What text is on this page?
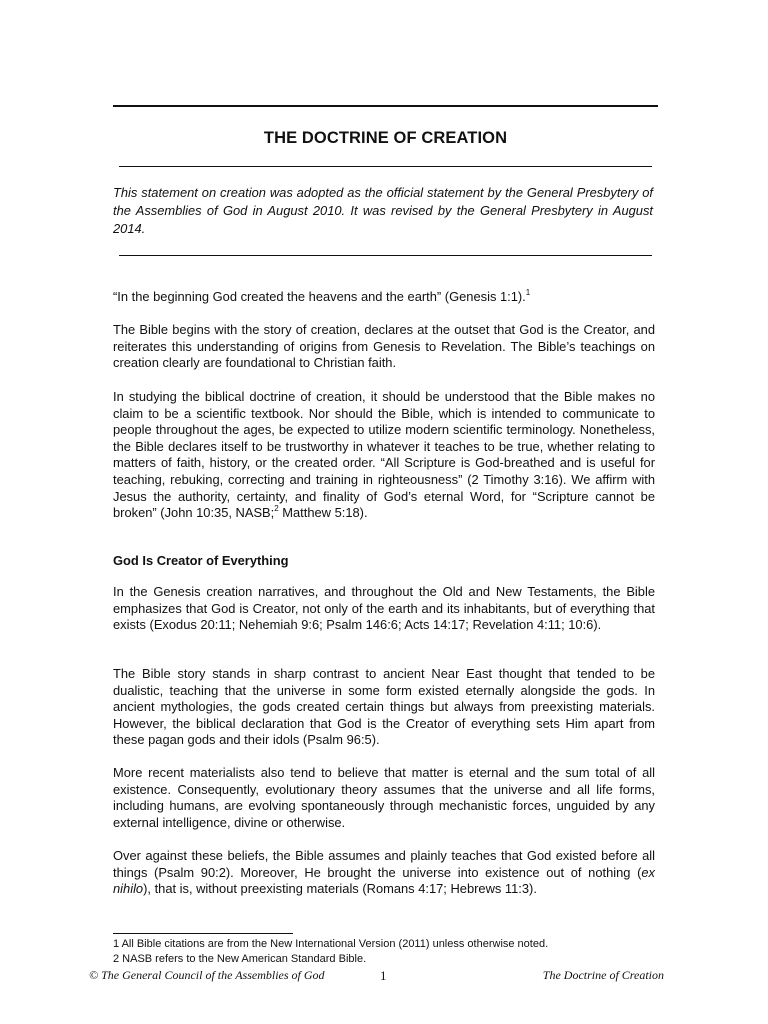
THE DOCTRINE OF CREATION
This statement on creation was adopted as the official statement by the General Presbytery of the Assemblies of God in August 2010. It was revised by the General Presbytery in August 2014.

“In the beginning God created the heavens and the earth” (Genesis 1:1).$^1$

The Bible begins with the story of creation, declares at the outset that God is the Creator, and reiterates this understanding of origins from Genesis to Revelation. The Bible’s teachings on creation clearly are foundational to Christian faith.

In studying the biblical doctrine of creation, it should be understood that the Bible makes no claim to be a scientific textbook. Nor should the Bible, which is intended to communicate to people throughout the ages, be expected to utilize modern scientific terminology. Nonetheless, the Bible declares itself to be trustworthy in whatever it teaches to be true, whether relating to matters of faith, history, or the created order. “All Scripture is God-breathed and is useful for teaching, rebuking, correcting and training in righteousness” (2 Timothy 3:16). We affirm with Jesus the authority, certainty, and finality of God’s eternal Word, for “Scripture cannot be broken” (John 10:35, NASB;$^2$ Matthew 5:18).

God Is Creator of Everything

In the Genesis creation narratives, and throughout the Old and New Testaments, the Bible emphasizes that God is Creator, not only of the earth and its inhabitants, but of everything that exists (Exodus 20:11; Nehemiah 9:6; Psalm 146:6; Acts 14:17; Revelation 4:11; 10:6).

The Bible story stands in sharp contrast to ancient Near East thought that tended to be dualistic, teaching that the universe in some form existed eternally alongside the gods. In ancient mythologies, the gods created certain things but always from preexisting materials. However, the biblical declaration that God is the Creator of everything sets Him apart from these pagan gods and their idols (Psalm 96:5).

More recent materialists also tend to believe that matter is eternal and the sum total of all existence. Consequently, evolutionary theory assumes that the universe and all life forms, including humans, are evolving spontaneously through mechanistic forces, unguided by any external intelligence, divine or otherwise.

Over against these beliefs, the Bible assumes and plainly teaches that God existed before all things (Psalm 90:2). Moreover, He brought the universe into existence out of nothing (ex nihilo), that is, without preexisting materials (Romans 4:17; Hebrews 11:3).

1 All Bible citations are from the New International Version (2011) unless otherwise noted.
2 NASB refers to the New American Standard Bible.
© The General Council of the Assemblies of God	1	The Doctrine of Creation
